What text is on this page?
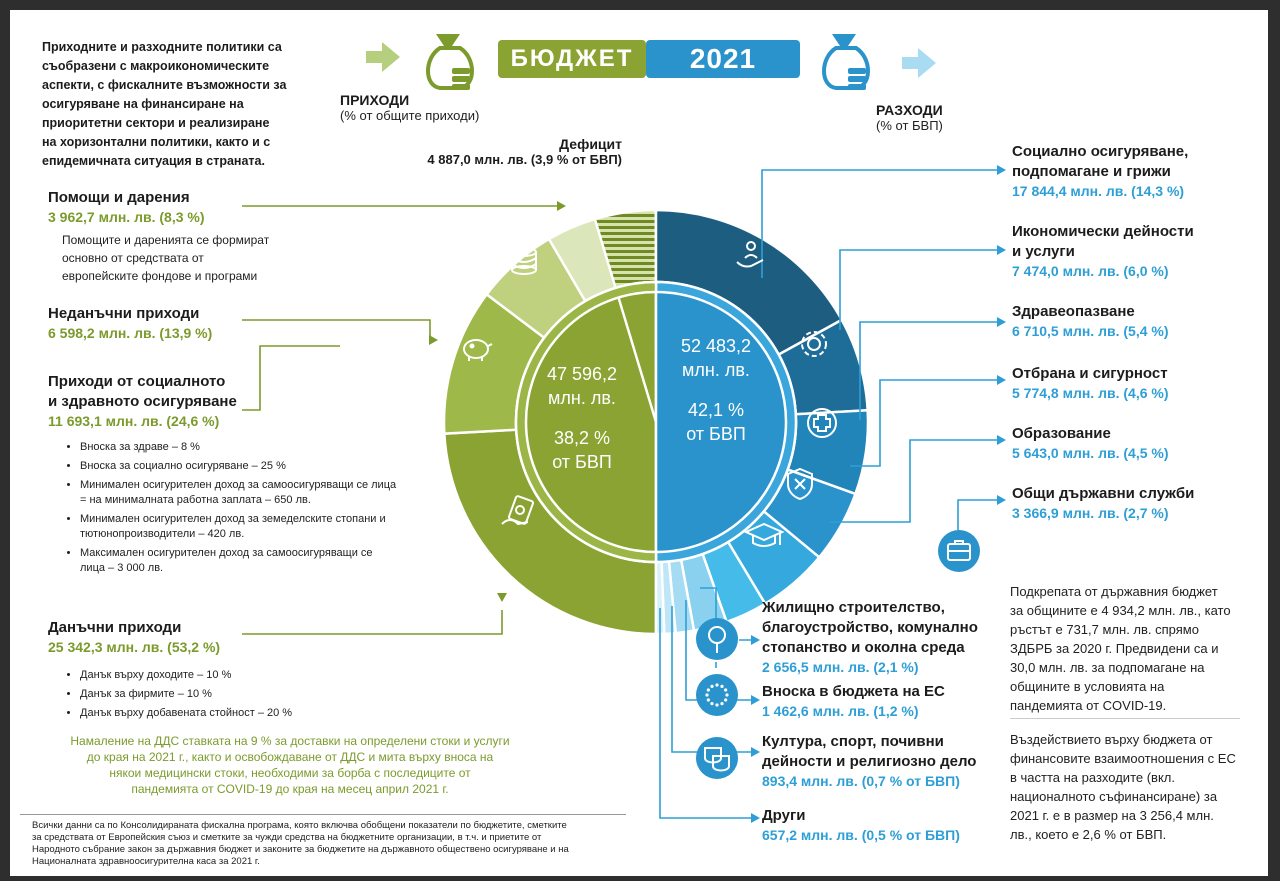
Приходните и разходните политики са
съобразени с макроикономическите
аспекти, с фискалните възможности за
осигуряване на финансиране на
приоритетни сектори и реализиране
на хоризонтални политики, както и с
епидемичната ситуация в страната.
БЮДЖЕТ	2021
ПРИХОДИ
(% от общите приходи)	РАЗХОДИ
(% от БВП)
Дефицит
4 887,0 млн. лв. (3,9 % от БВП)
Помощи и дарения
3 962,7 млн. лв. (8,3 %)
Помощите и даренията се формират
основно от средствата от
европейските фондове и програми
Неданъчни приходи
6 598,2 млн. лв. (13,9 %)
Приходи от социалното
и здравното осигуряване
11 693,1 млн. лв. (24,6 %)
• Вноска за здраве – 8 %
• Вноска за социално осигуряване – 25 %
• Минимален осигурителен доход за самоосигуряващи се лица = на минималната работна заплата – 650 лв.
• Минимален осигурителен доход за земеделските стопани и тютюнопроизводители – 420 лв.
• Максимален осигурителен доход за самоосигуряващи се лица – 3 000 лв.
Данъчни приходи
25 342,3 млн. лв. (53,2 %)
• Данък върху доходите – 10 %
• Данък за фирмите – 10 %
• Данък върху добавената стойност – 20 %
Намаление на ДДС ставката на 9 % за доставки на определени стоки и услуги
до края на 2021 г., както и освобождаване от ДДС и мита върху вноса на
някои медицински стоки, необходими за борба с последиците от
пандемията от COVID-19 до края на месец април 2021 г.
Социално осигуряване,
подпомагане и грижи
17 844,4 млн. лв. (14,3 %)
Икономически дейности
и услуги
7 474,0 млн. лв. (6,0 %)
Здравеопазване
6 710,5 млн. лв. (5,4 %)
Отбрана и сигурност
5 774,8 млн. лв. (4,6 %)
Образование
5 643,0 млн. лв. (4,5 %)
Общи държавни служби
3 366,9 млн. лв. (2,7 %)
Жилищно строителство,
благоустройство, комунално
стопанство и околна среда
2 656,5 млн. лв. (2,1 %)
Вноска в бюджета на ЕС
1 462,6 млн. лв. (1,2 %)
Култура, спорт, почивни
дейности и религиозно дело
893,4 млн. лв. (0,7 % от БВП)
Други
657,2 млн. лв. (0,5 % от БВП)
Подкрепата от държавния бюджет
за общините е 4 934,2 млн. лв., като
ръстът е 731,7 млн. лв. спрямо
ЗДБРБ за 2020 г. Предвидени са и
30,0 млн. лв. за подпомагане на
общините в условията на
пандемията от COVID-19.
Въздействието върху бюджета от
финансовите взаимоотношения с ЕС
в частта на разходите (вкл.
националното съфинансиране) за
2021 г. е в размер на 3 256,4 млн.
лв., което е 2,6 % от БВП.
Всички данни са по Консолидираната фискална програма, която включва обобщени показатели по бюджетите, сметките
за средствата от Европейския съюз и сметките за чужди средства на бюджетните организации, в т.ч. и приетите от
Народното събрание закон за държавния бюджет и законите за бюджетите на държавното обществено осигуряване и на
Националната здравноосигурителна каса за 2021 г.
47 596,2
млн. лв.
38,2 %
от БВП
52 483,2
млн. лв.
42,1 %
от БВП
